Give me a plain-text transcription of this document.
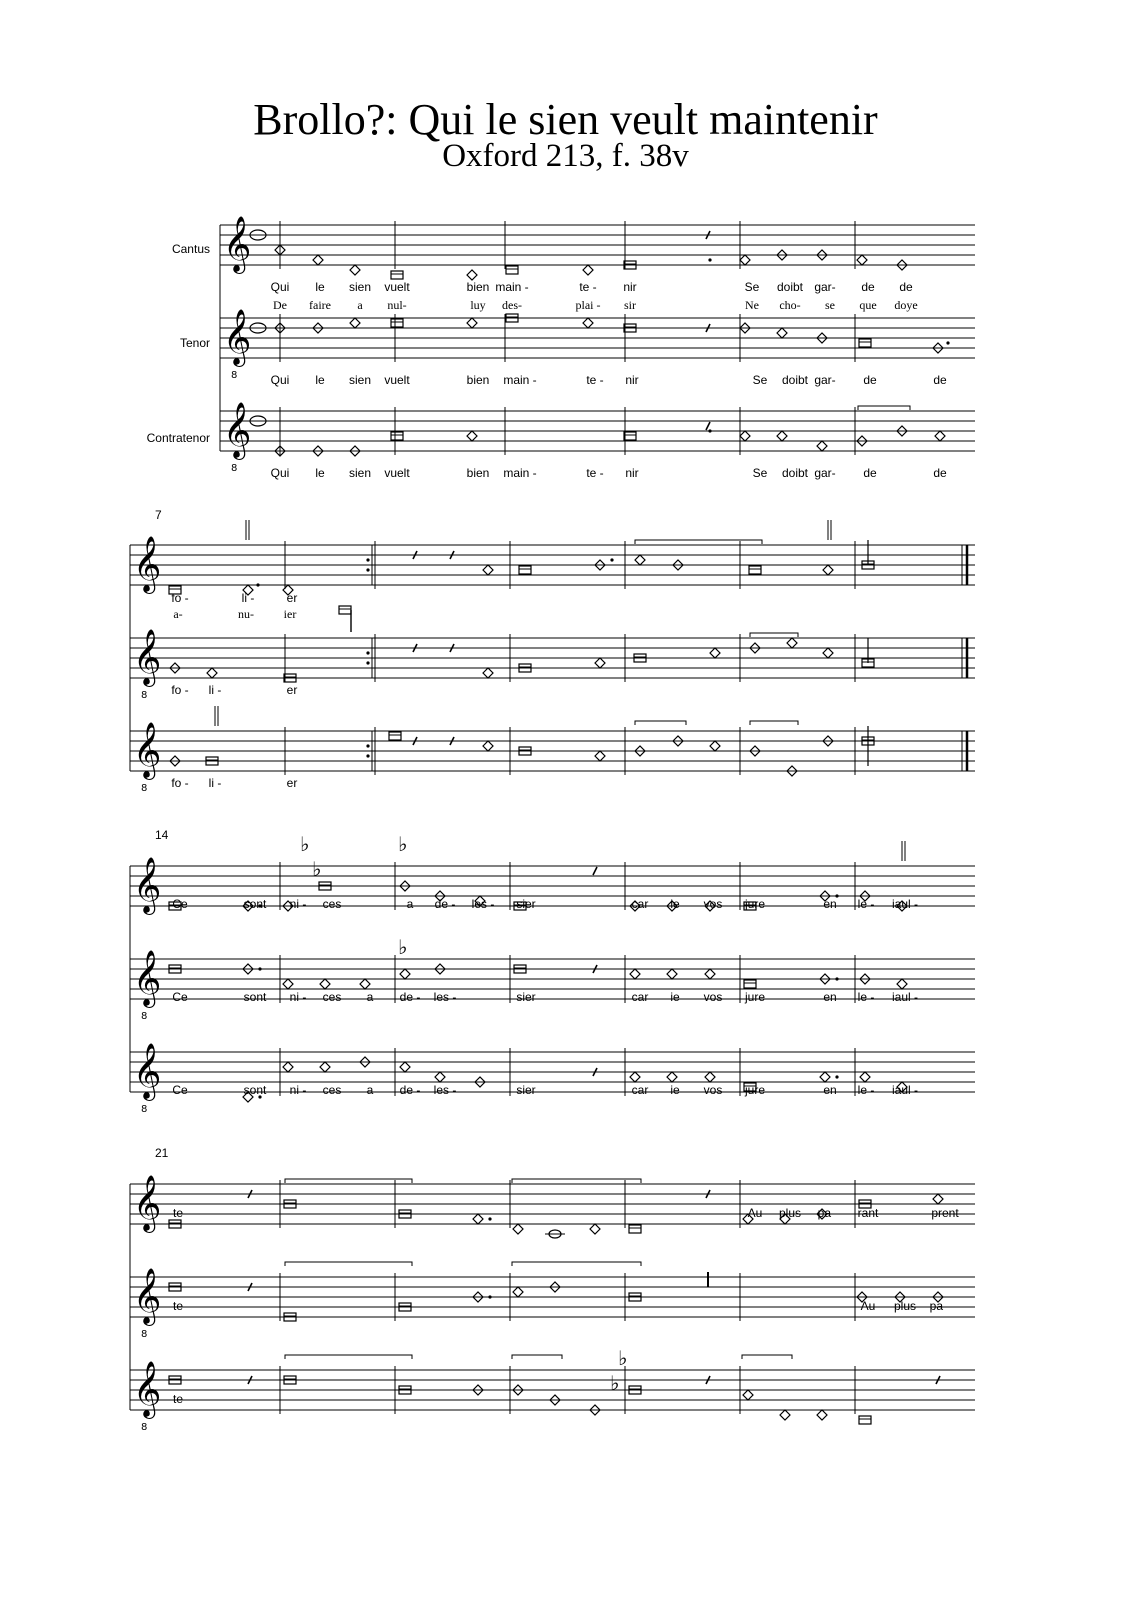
Brollo?: Qui le sien veult maintenir
Oxford 213, f. 38v
Cantus
Tenor
Contratenor
7
14
21
𝄞
𝄞
8
𝄞
8
𝄞
𝄞
8
𝄞
8
𝄞
𝄞
8
𝄞
8
𝄞
𝄞
8
𝄞
8
♭	♭
♭
♭
♭
♭
Qui le sien vuelt	bien main -	te - nir	Se doibt gar- de de
De faire a nul-	luy des-	plai - sir	Ne cho- se que doye
Qui le sien vuelt	bien main -	te - nir	Se doibt gar- de	de
Qui le sien vuelt	bien main -	te - nir	Se doibt gar- de	de
fo -	li -	er
a-	nu- ier
fo - li -	er
fo - li -	er
Ce	sont ni - ces	a de - les - sier	car ie vos jure	en le - iaul -
Ce	sont ni - ces a de - les -	sier	car ie vos jure	en le - iaul -
Ce	sont ni - ces a de - les -	sier	car ie vos jure	en le - iaul -
te	Au plus pa - rant	prent
te	Au plus pa -
te
